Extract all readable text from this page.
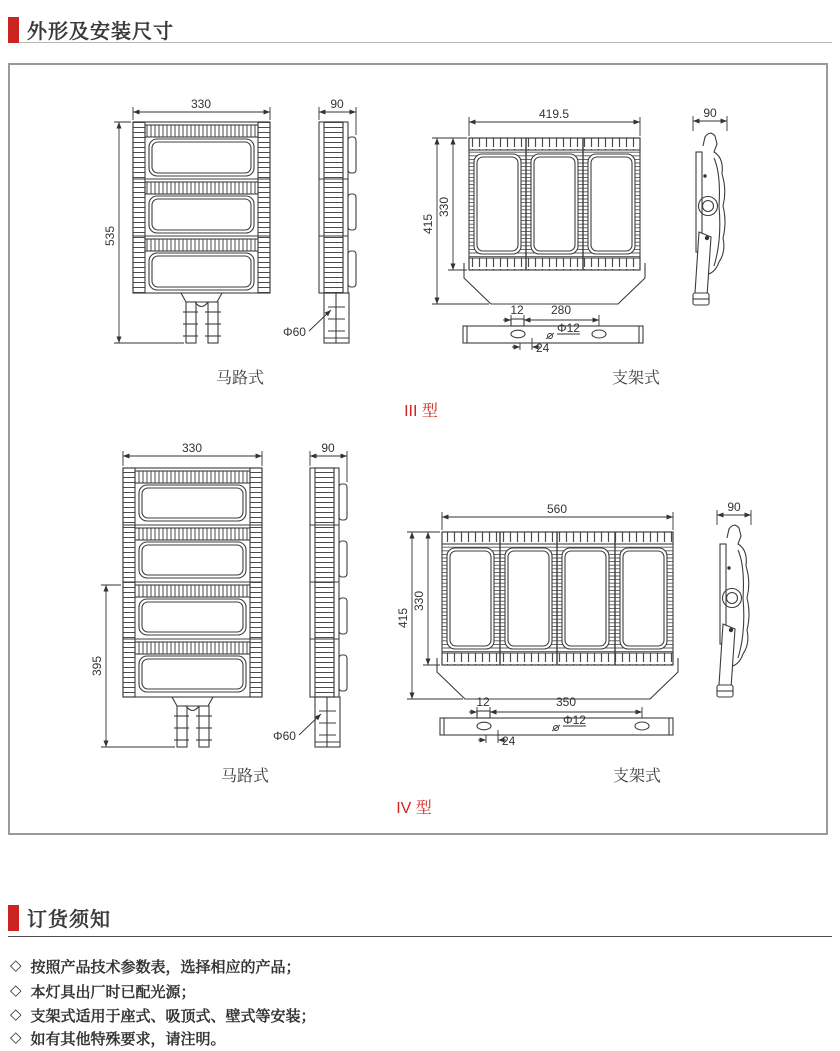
外形及安装尺寸
330
535
90
Φ60
419.5
415
330
90
12 280
Φ12
24
马路式	支架式
III 型
330
395
90
Φ60
560
415
330
90
12	350
Φ12
24
马路式	支架式
IV 型
订货须知
◇ 按照产品技术参数表，选择相应的产品；
◇ 本灯具出厂时已配光源；
◇ 支架式适用于座式、吸顶式、壁式等安装；
◇ 如有其他特殊要求，请注明。
